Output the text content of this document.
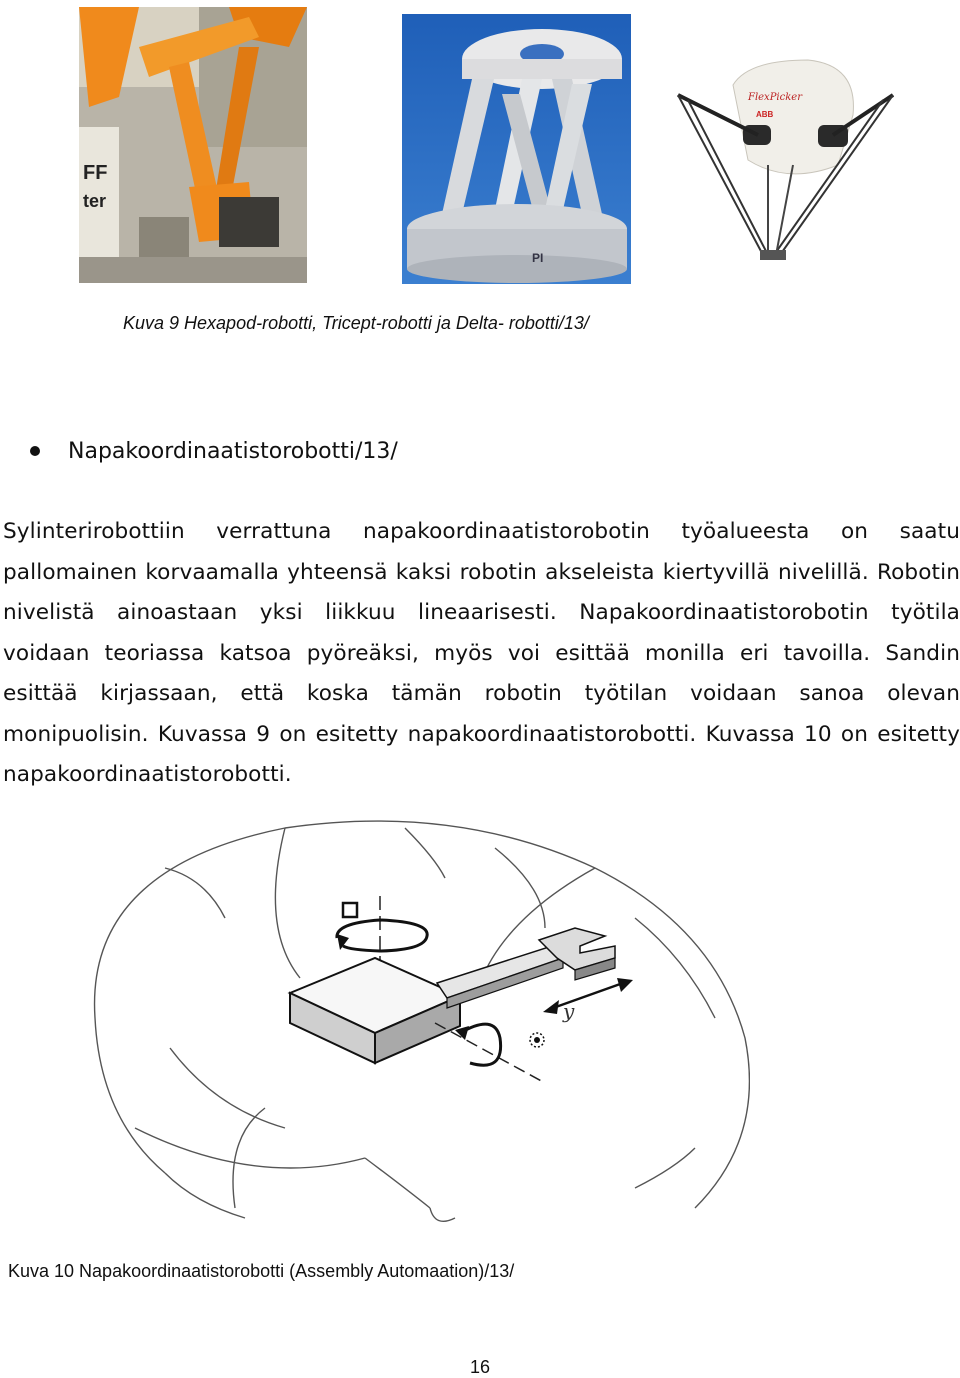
FF
ter
PI
FlexPicker
ABB
Kuva 9 Hexapod-robotti, Tricept-robotti ja Delta- robotti/13/
Napakoordinaatistorobotti/13/
Sylinterirobottiin verrattuna napakoordinaatistorobotin työalueesta on saatu pallomainen korvaamalla yhteensä kaksi robotin akseleista kiertyvillä nivelillä. Robotin nivelistä ainoastaan yksi liikkuu lineaarisesti. Napakoordinaatistorobotin työtila voidaan teoriassa katsoa pyöreäksi, myös voi esittää monilla eri tavoilla. Sandin esittää kirjassaan, että koska tämän robotin työtilan voidaan sanoa olevan monipuolisin. Kuvassa 9 on esitetty napakoordinaatistorobotti. Kuvassa 10 on esitetty napakoordinaatistorobotti.
y
Kuva 10 Napakoordinaatistorobotti (Assembly Automaation)/13/
16
